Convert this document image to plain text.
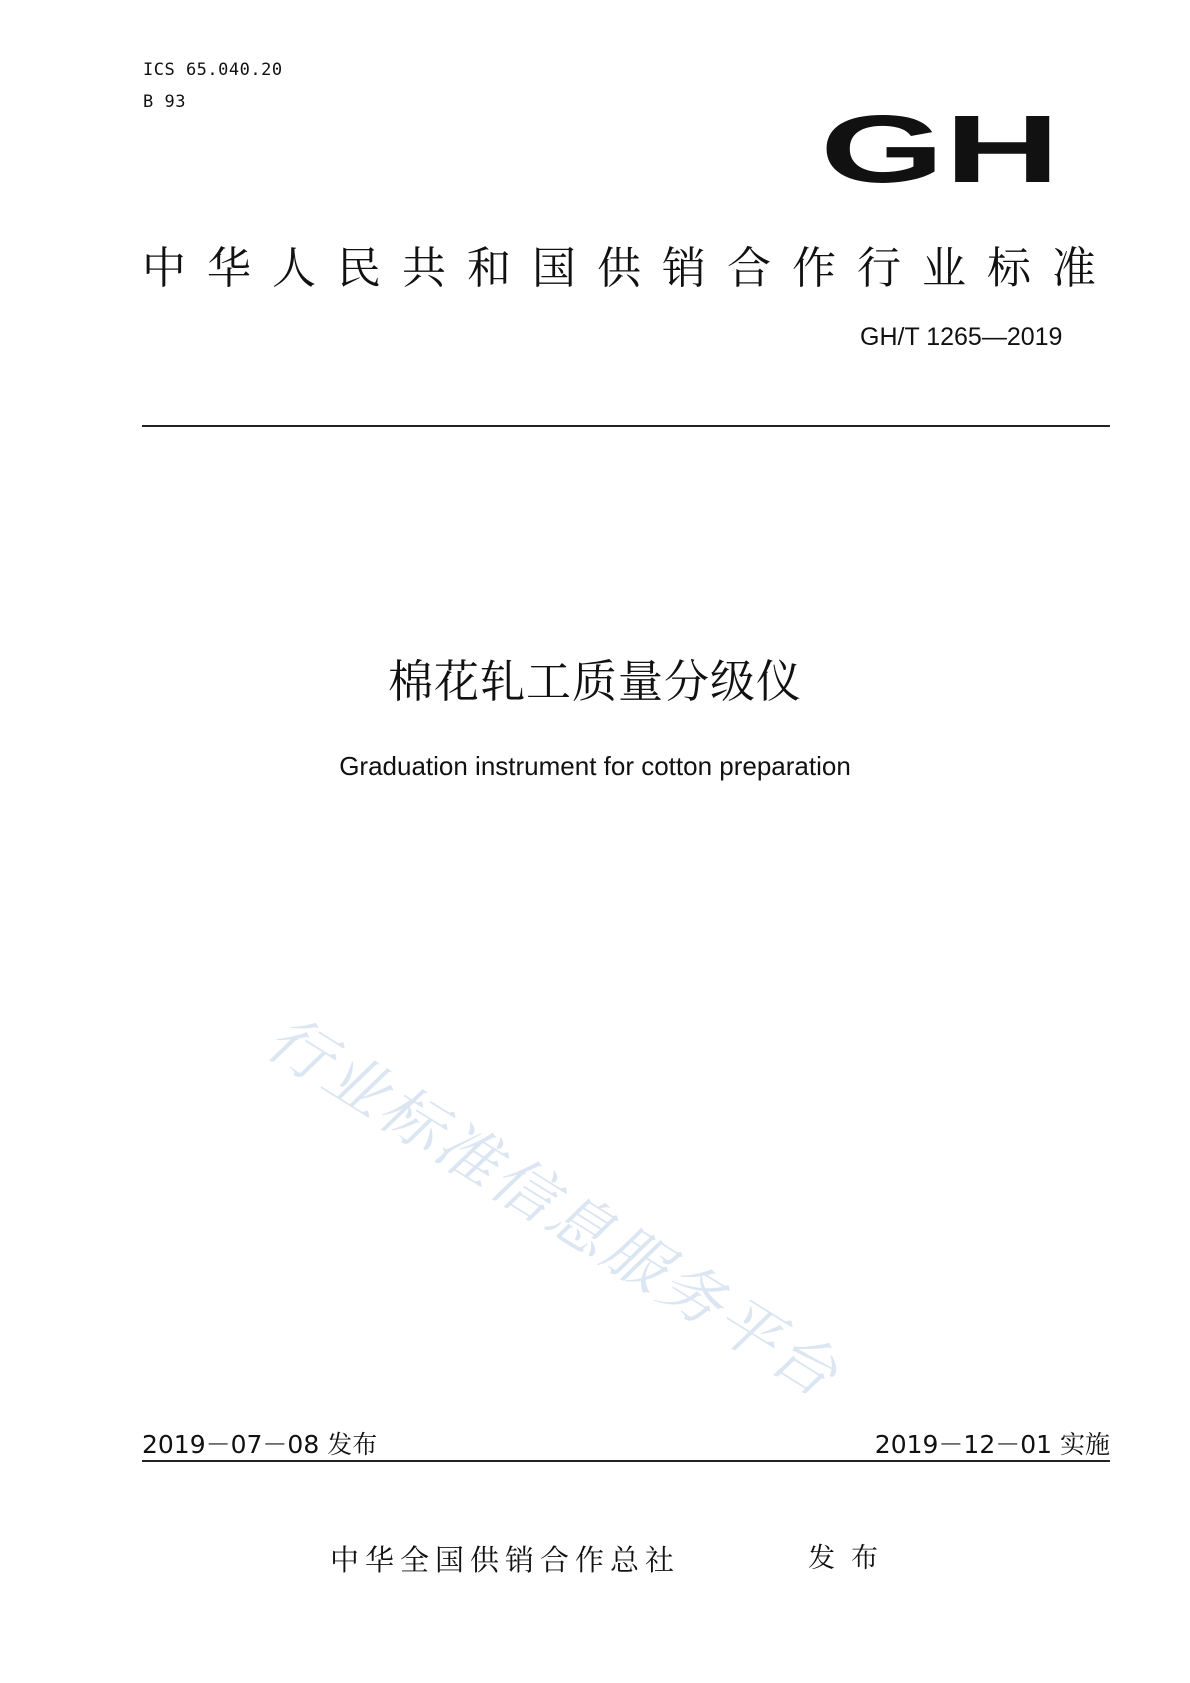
ICS 65.040.20
B 93	GH
中华人民共和国供销合作行业标准
GH/T 1265—2019
棉花轧工质量分级仪
Graduation instrument for cotton preparation
行业标准信息服务平台
2019－07－08 发布	2019－12－01 实施
中华全国供销合作总社	发布
